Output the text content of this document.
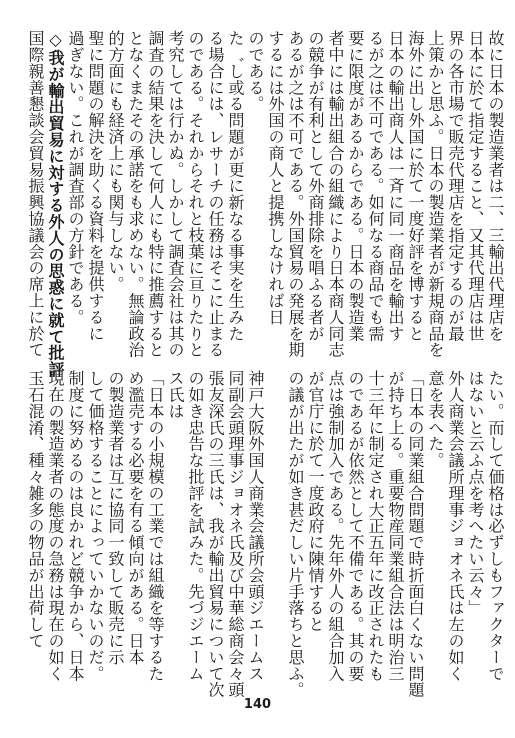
故に日本の製造業者は二、三輸出代理店を
日本に於て指定すること、又其代理店は世
界の各市場で販売代理店を指定するのが最
上策かと思ふ。日本の製造業者が新規商品を
海外に出し外国に於て一度好評を博すると
日本の輸出商人は一斉に同一商品を輸出す
るが之は不可である。如何なる商品でも需
要に限度があるからである。日本の製造業
者中には輸出組合の組織により日本商人同志
の競争が有利として外商排除を唱ふる者が
あるが之は不可である。外国貿易の発展を期
するには外国の商人と提携しなければ日
のである。
た゛し或る問題が更に新なる事実を生みた
る場合には、レサーチの任務はそこに止まる
のである。それからそれと枝葉に亘りたりと
考究しては行かぬ。しかして調査会社は其の
調査の結果を決して何人にも特に推薦すると
となくまたその承諾をも求めない。無論政治
的方面にも経済上にも関与しない。
聖に問題の解決を助くる資料を提供するに
過ぎない。これが調査部の方針である。
◇我が輸出貿易に対する外人の思惑に就て批評
国際親善懇談会貿易振興協議会の席上に於て
たい。而して価格は必ずしもファクターで
はないと云ふ点を考へたい云々」
外人商業会議所理事ジョオネ氏は左の如く
意を表へた。
「日本の同業組合問題で時折面白くない問題
が持ち上る。重要物産同業組合法は明治三
十三年に制定され大正五年に改正されたも
のであるが依然として不備である。其の要
点は強制加入である。先年外人の組合加入
が官庁に於て一度政府に陳情すると
の議が出たが如き甚だしい片手落ちと思ふ。
神戸大阪外国人商業会議所会頭ジエームス
同副会頭理事ジョオネ氏及び中華総商会々頭
張友深氏の三氏は、我が輸出貿易について次
の如き忠告な批評を試みた。先づジエーム
ス氏は
「日本の小規模の工業では組織を等するた
め濫売する必要を有る傾向がある。日本
の製造業者は互に協同一致して販売に示
して価格することによっていかないのだ。
制度に努めるのは良かれど競争から、日本
現在の製造業者の態度の急務は現在の如く
玉石混淆、種々雑多の物品が出荷して
140
